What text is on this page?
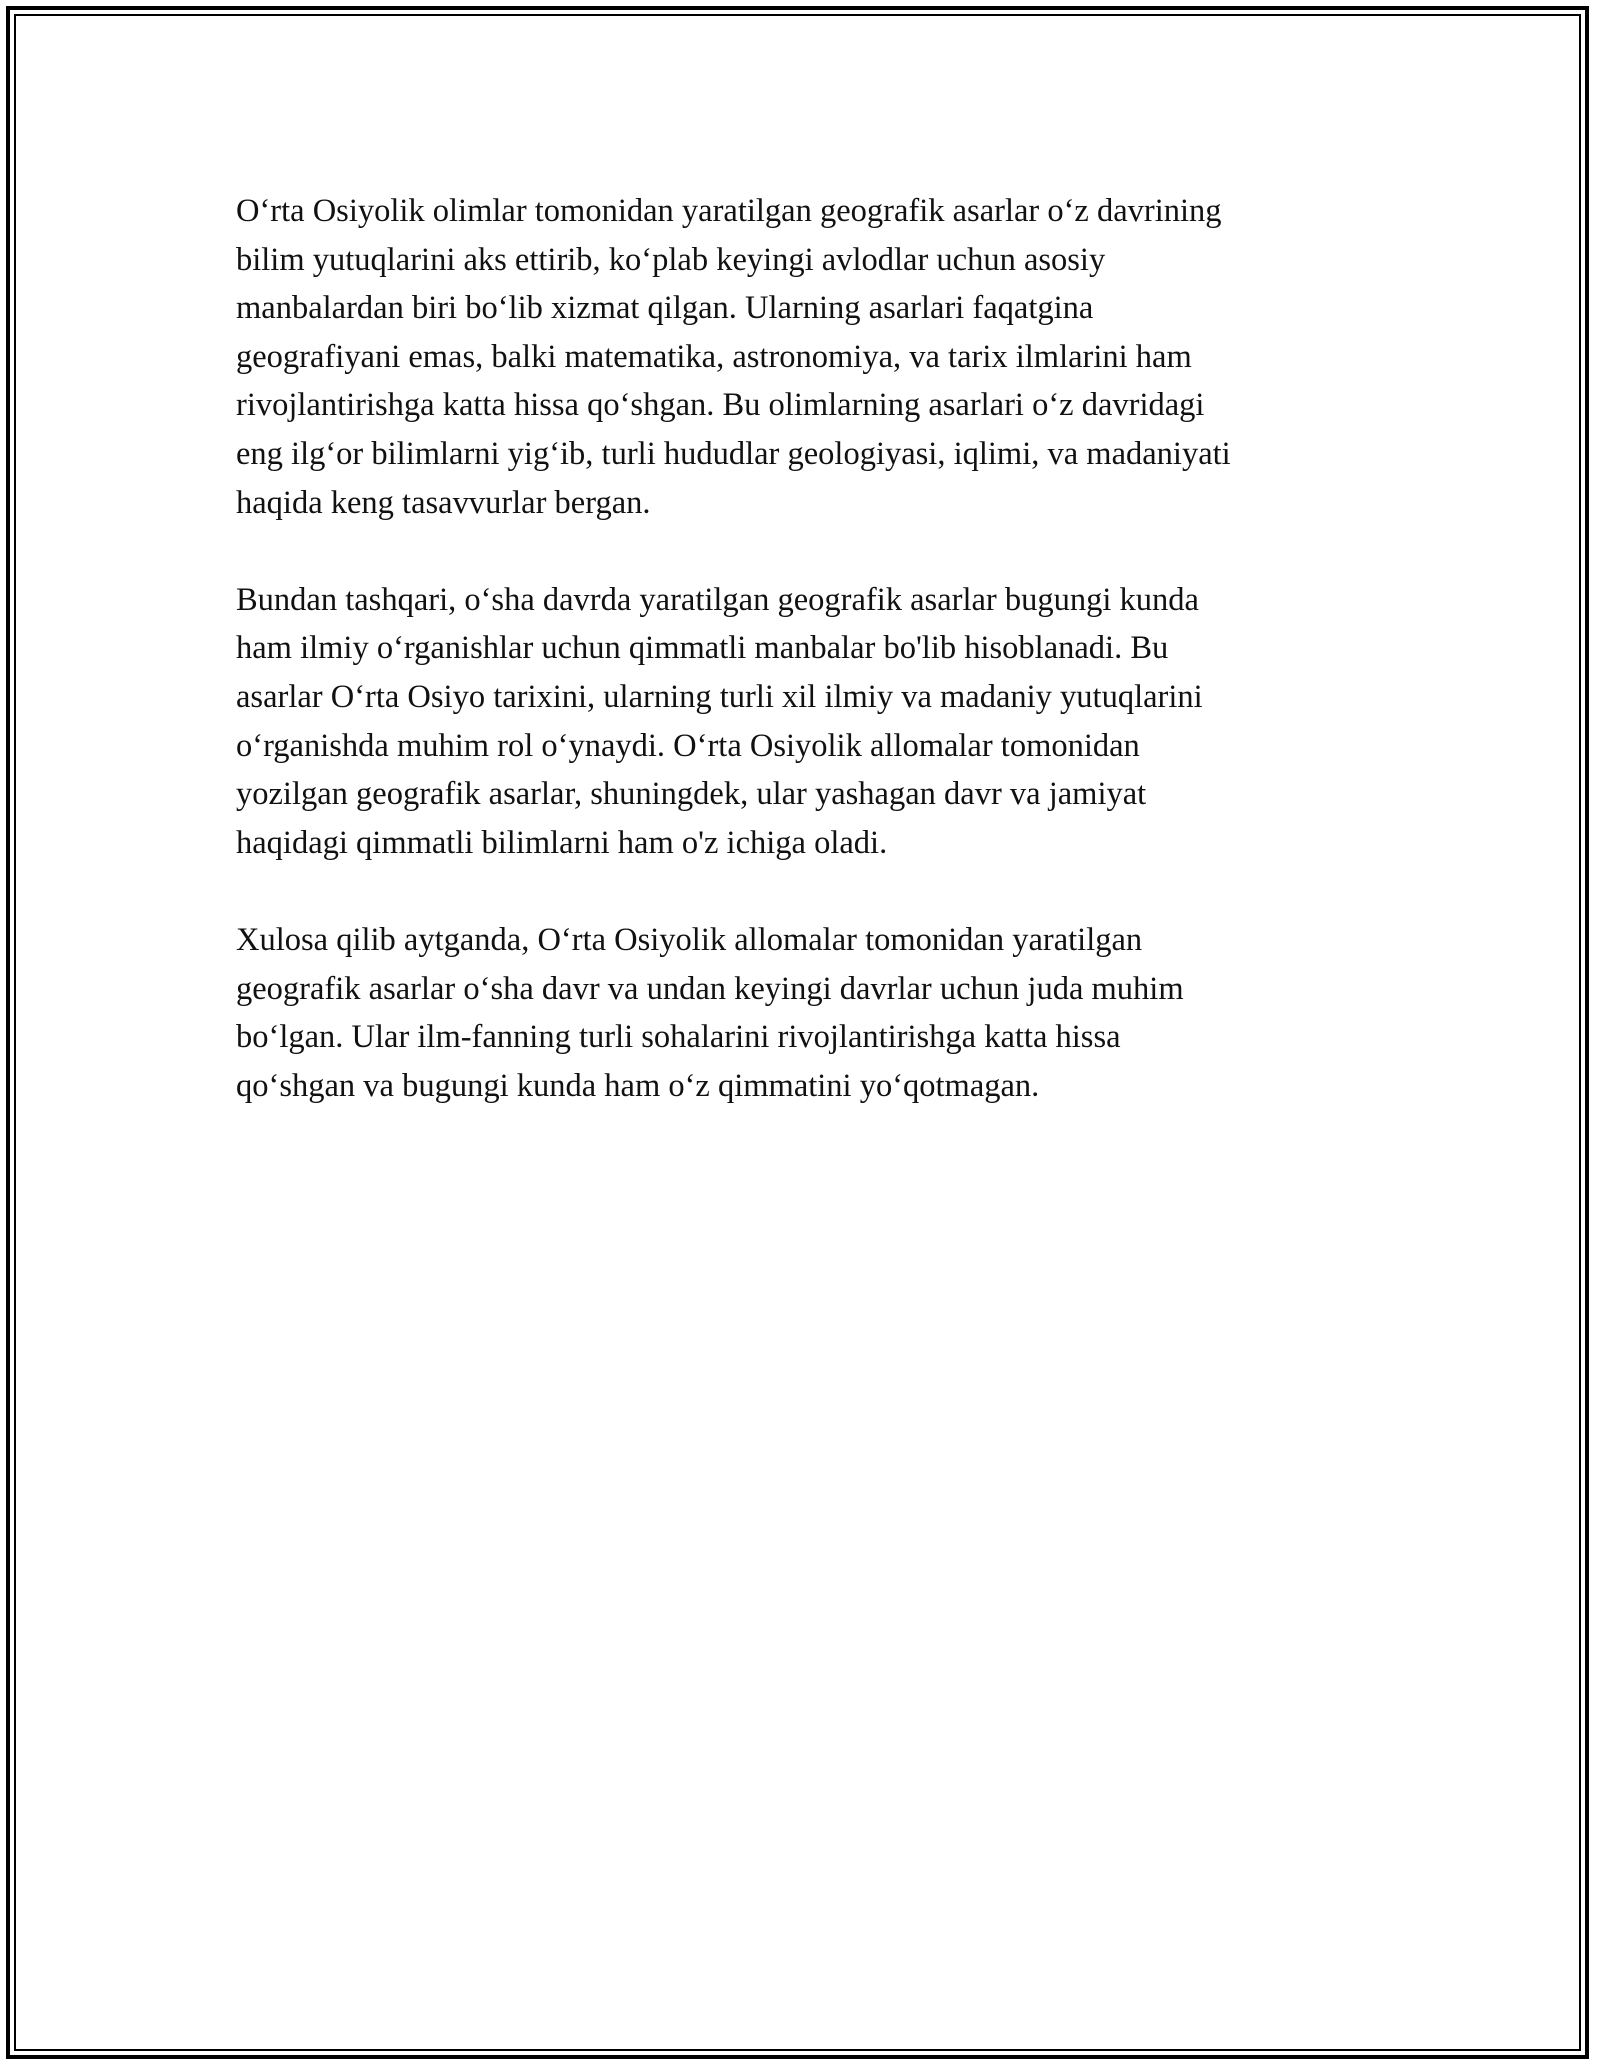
O‘rta Osiyolik olimlar tomonidan yaratilgan geografik asarlar o‘z davrining
bilim yutuqlarini aks ettirib, ko‘plab keyingi avlodlar uchun asosiy
manbalardan biri bo‘lib xizmat qilgan. Ularning asarlari faqatgina
geografiyani emas, balki matematika, astronomiya, va tarix ilmlarini ham
rivojlantirishga katta hissa qo‘shgan. Bu olimlarning asarlari o‘z davridagi
eng ilg‘or bilimlarni yig‘ib, turli hududlar geologiyasi, iqlimi, va madaniyati
haqida keng tasavvurlar bergan.

Bundan tashqari, o‘sha davrda yaratilgan geografik asarlar bugungi kunda
ham ilmiy o‘rganishlar uchun qimmatli manbalar bo'lib hisoblanadi. Bu
asarlar O‘rta Osiyo tarixini, ularning turli xil ilmiy va madaniy yutuqlarini
o‘rganishda muhim rol o‘ynaydi. O‘rta Osiyolik allomalar tomonidan
yozilgan geografik asarlar, shuningdek, ular yashagan davr va jamiyat
haqidagi qimmatli bilimlarni ham o'z ichiga oladi.

Xulosa qilib aytganda, O‘rta Osiyolik allomalar tomonidan yaratilgan
geografik asarlar o‘sha davr va undan keyingi davrlar uchun juda muhim
bo‘lgan. Ular ilm-fanning turli sohalarini rivojlantirishga katta hissa
qo‘shgan va bugungi kunda ham o‘z qimmatini yo‘qotmagan.
